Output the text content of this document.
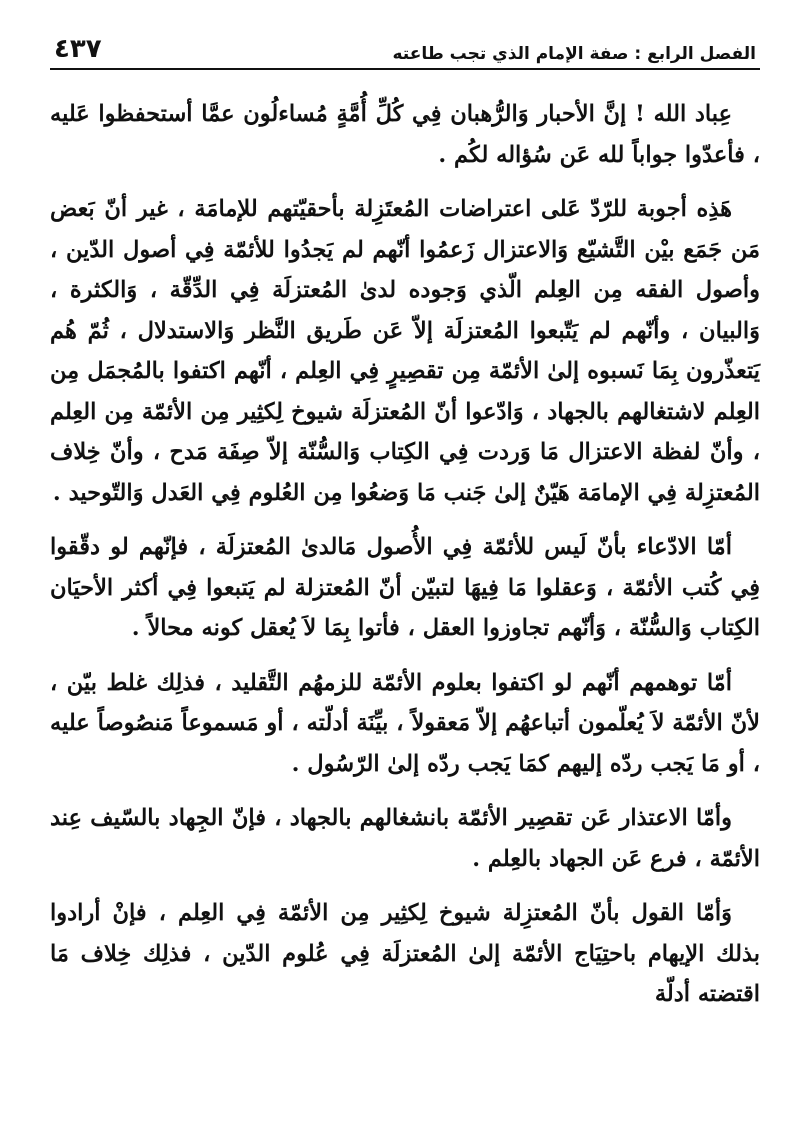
الفصل الرابع : صفة الإمام الذي تجب طاعته
٤٣٧

عِباد الله ! إنَّ الأحبار وَالرُّهبان فِي كُلِّ أُمَّةٍ مُساءلُون عمَّا أستحفظوا عَليه ، فأعدّوا جواباً لله عَن سُؤاله لكُم .

هَذِه أجوبة للرّدّ عَلى اعتراضات المُعتَزِلة بأحقيّتهم للإمامَة ، غير أنّ بَعض مَن جَمَع بيْن التَّشيّع وَالاعتزال زَعمُوا أنّهم لم يَجدُوا للأئمّة فِي أصول الدّين ، وأصول الفقه مِن العِلم الّذي وَجوده لدىٰ المُعتزلَة فِي الدِّقّة ، وَالكثرة ، وَالبيان ، وأنّهم لم يَتّبعوا المُعتزلَة إلاّ عَن طَريق النَّظر وَالاستدلال ، ثُمّ هُم يَتعذّرون بِمَا نَسبوه إلىٰ الأئمّة مِن تقصِيرٍ فِي العِلم ، أنّهم اكتفوا بالمُجمَل مِن العِلم لاشتغالهم بالجهاد ، وَادّعوا أنّ المُعتزلَة شيوخ لِكثِير مِن الأئمّة مِن العِلم ، وأنّ لفظة الاعتزال مَا وَردت فِي الكِتاب وَالسُّنّة إلاّ صِفَة مَدح ، وأنّ خِلاف المُعتزِلة فِي الإمامَة هَيّنٌ إلىٰ جَنب مَا وَضعُوا مِن العُلوم فِي العَدل وَالتّوحيد .

أمّا الادّعاء بأنّ لَيس للأئمّة فِي الأُصول مَالدىٰ المُعتزلَة ، فإنّهم لو دقّقوا فِي كُتب الأئمّة ، وَعقلوا مَا فِيهَا لتبيّن أنّ المُعتزلة لم يَتبعوا فِي أكثر الأحيَان الكِتاب وَالسُّنّة ، وَأنّهم تجاوزوا العقل ، فأتوا بِمَا لاَ يُعقل كونه محالاً .

أمّا توهمهم أنّهم لو اكتفوا بعلوم الأئمّة للزمهُم التَّقليد ، فذلِك غلط بيّن ، لأنّ الأئمّة لاَ يُعلّمون أتباعهُم إلاّ مَعقولاً ، بيِّنَة أدلّته ، أو مَسموعاً مَنصُوصاً عليه ، أو مَا يَجب ردّه إليهم كمَا يَجب ردّه إلىٰ الرّسُول .

وأمّا الاعتذار عَن تقصِير الأئمّة بانشغالهم بالجهاد ، فإنّ الجِهاد بالسّيف عِند الأئمّة ، فرع عَن الجهاد بالعِلم .

وَأمّا القول بأنّ المُعتزِلة شيوخ لِكثِير مِن الأئمّة فِي العِلم ، فإنْ أرادوا بذلك الإيهام باحتِيَاج الأئمّة إلىٰ المُعتزلَة فِي عُلوم الدّين ، فذلِك خِلاف مَا اقتضته أدلّة
